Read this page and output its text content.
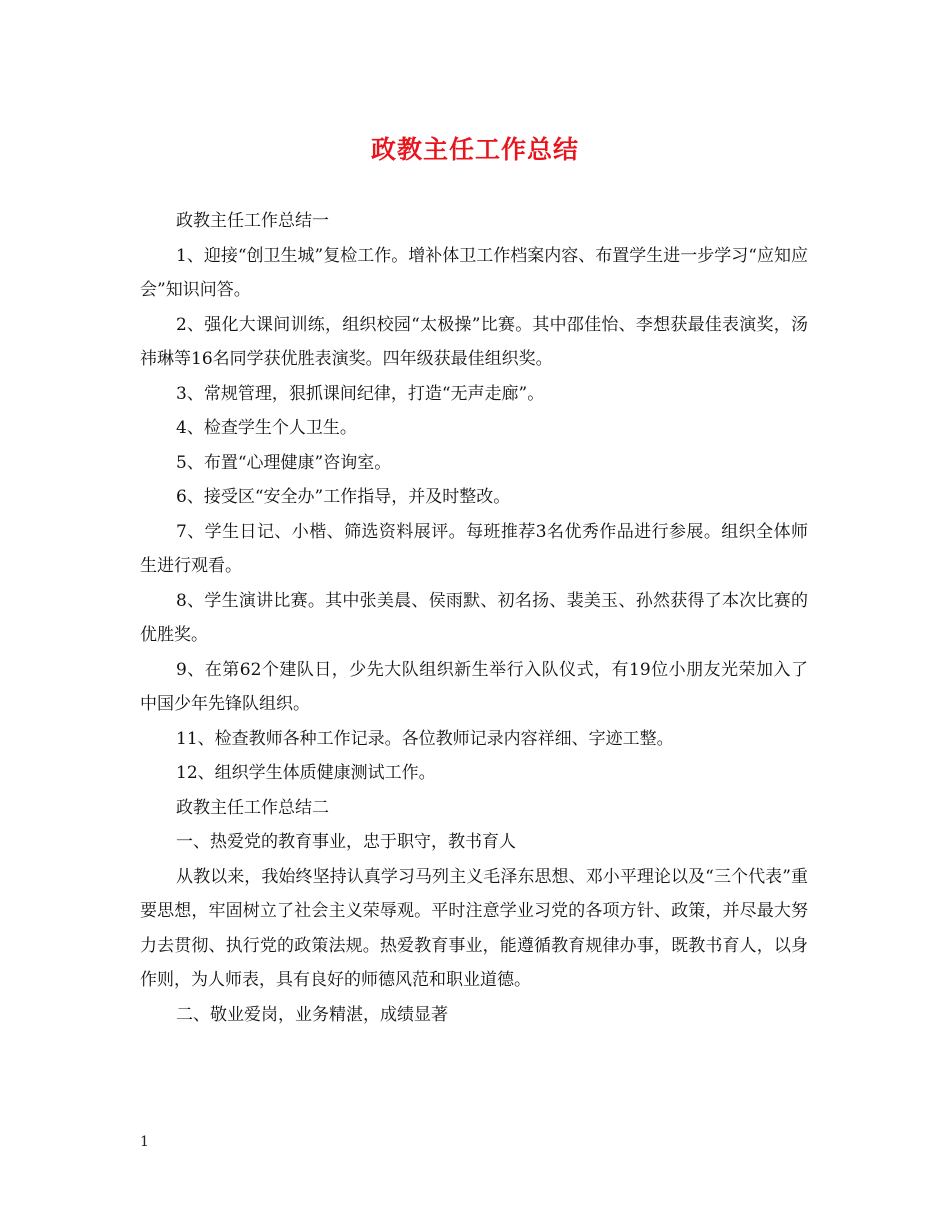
政教主任工作总结

政教主任工作总结一

1、迎接“创卫生城”复检工作。增补体卫工作档案内容、布置学生进一步学习“应知应会”知识问答。

2、强化大课间训练，组织校园“太极操”比赛。其中邵佳怡、李想获最佳表演奖，汤祎琳等16名同学获优胜表演奖。四年级获最佳组织奖。

3、常规管理，狠抓课间纪律，打造“无声走廊”。

4、检查学生个人卫生。

5、布置“心理健康”咨询室。

6、接受区“安全办”工作指导，并及时整改。

7、学生日记、小楷、筛选资料展评。每班推荐3名优秀作品进行参展。组织全体师生进行观看。

8、学生演讲比赛。其中张美晨、侯雨默、初名扬、裴美玉、孙然获得了本次比赛的优胜奖。

9、在第62个建队日，少先大队组织新生举行入队仪式，有19位小朋友光荣加入了中国少年先锋队组织。

11、检查教师各种工作记录。各位教师记录内容祥细、字迹工整。

12、组织学生体质健康测试工作。

政教主任工作总结二

一、热爱党的教育事业，忠于职守，教书育人

从教以来，我始终坚持认真学习马列主义毛泽东思想、邓小平理论以及“三个代表”重要思想，牢固树立了社会主义荣辱观。平时注意学业习党的各项方针、政策，并尽最大努力去贯彻、执行党的政策法规。热爱教育事业，能遵循教育规律办事，既教书育人，以身作则，为人师表，具有良好的师德风范和职业道德。

二、敬业爱岗，业务精湛，成绩显著

1
